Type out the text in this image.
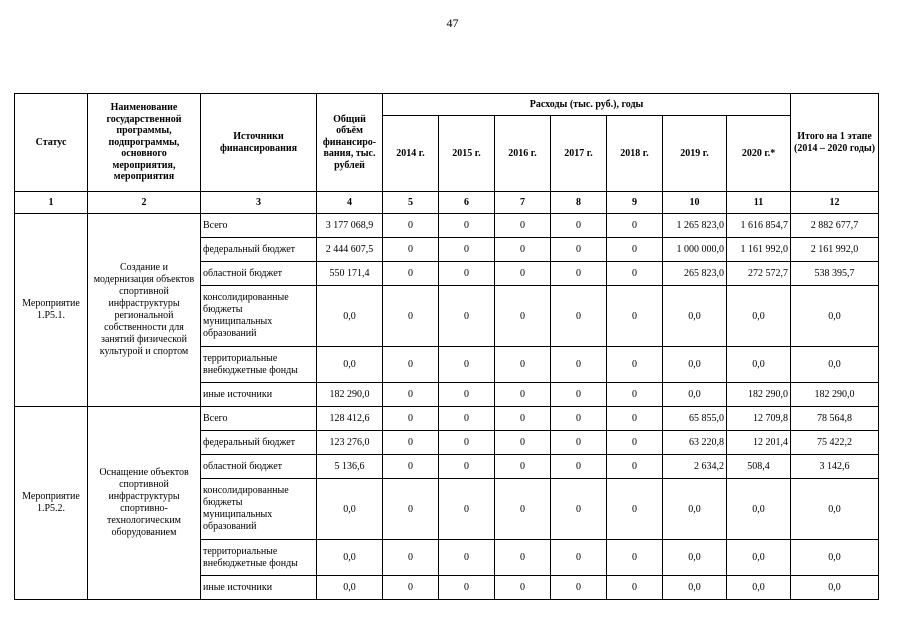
47
Статус	Наименование государственной программы, подпрограммы, основного мероприятия, мероприятия	Источники финансирования	Общий объём финансиро-вания, тыс. рублей	Расходы (тыс. руб.), годы							Итого на 1 этапе (2014 – 2020 годы)
				2014 г.	2015 г.	2016 г.	2017 г.	2018 г.	2019 г.	2020 г.*	
1	2	3	4	5	6	7	8	9	10	11	12
Мероприятие 1.Р5.1.	Создание и модернизация объектов спортивной инфраструктуры региональной собственности для занятий физической культурой и спортом	Всего	3 177 068,9	0	0	0	0	0	1 265 823,0	1 616 854,7	2 882 677,7
		федеральный бюджет	2 444 607,5	0	0	0	0	0	1 000 000,0	1 161 992,0	2 161 992,0
		областной бюджет	550 171,4	0	0	0	0	0	265 823,0	272 572,7	538 395,7
		консолидированные бюджеты муниципальных образований	0,0	0	0	0	0	0	0,0	0,0	0,0
		территориальные внебюджетные фонды	0,0	0	0	0	0	0	0,0	0,0	0,0
		иные источники	182 290,0	0	0	0	0	0	0,0	182 290,0	182 290,0
Мероприятие 1.Р5.2.	Оснащение объектов спортивной инфраструктуры спортивно-технологическим оборудованием	Всего	128 412,6	0	0	0	0	0	65 855,0	12 709,8	78 564,8
		федеральный бюджет	123 276,0	0	0	0	0	0	63 220,8	12 201,4	75 422,2
		областной бюджет	5 136,6	0	0	0	0	0	2 634,2	508,4	3 142,6
		консолидированные бюджеты муниципальных образований	0,0	0	0	0	0	0	0,0	0,0	0,0
		территориальные внебюджетные фонды	0,0	0	0	0	0	0	0,0	0,0	0,0
		иные источники	0,0	0	0	0	0	0	0,0	0,0	0,0
